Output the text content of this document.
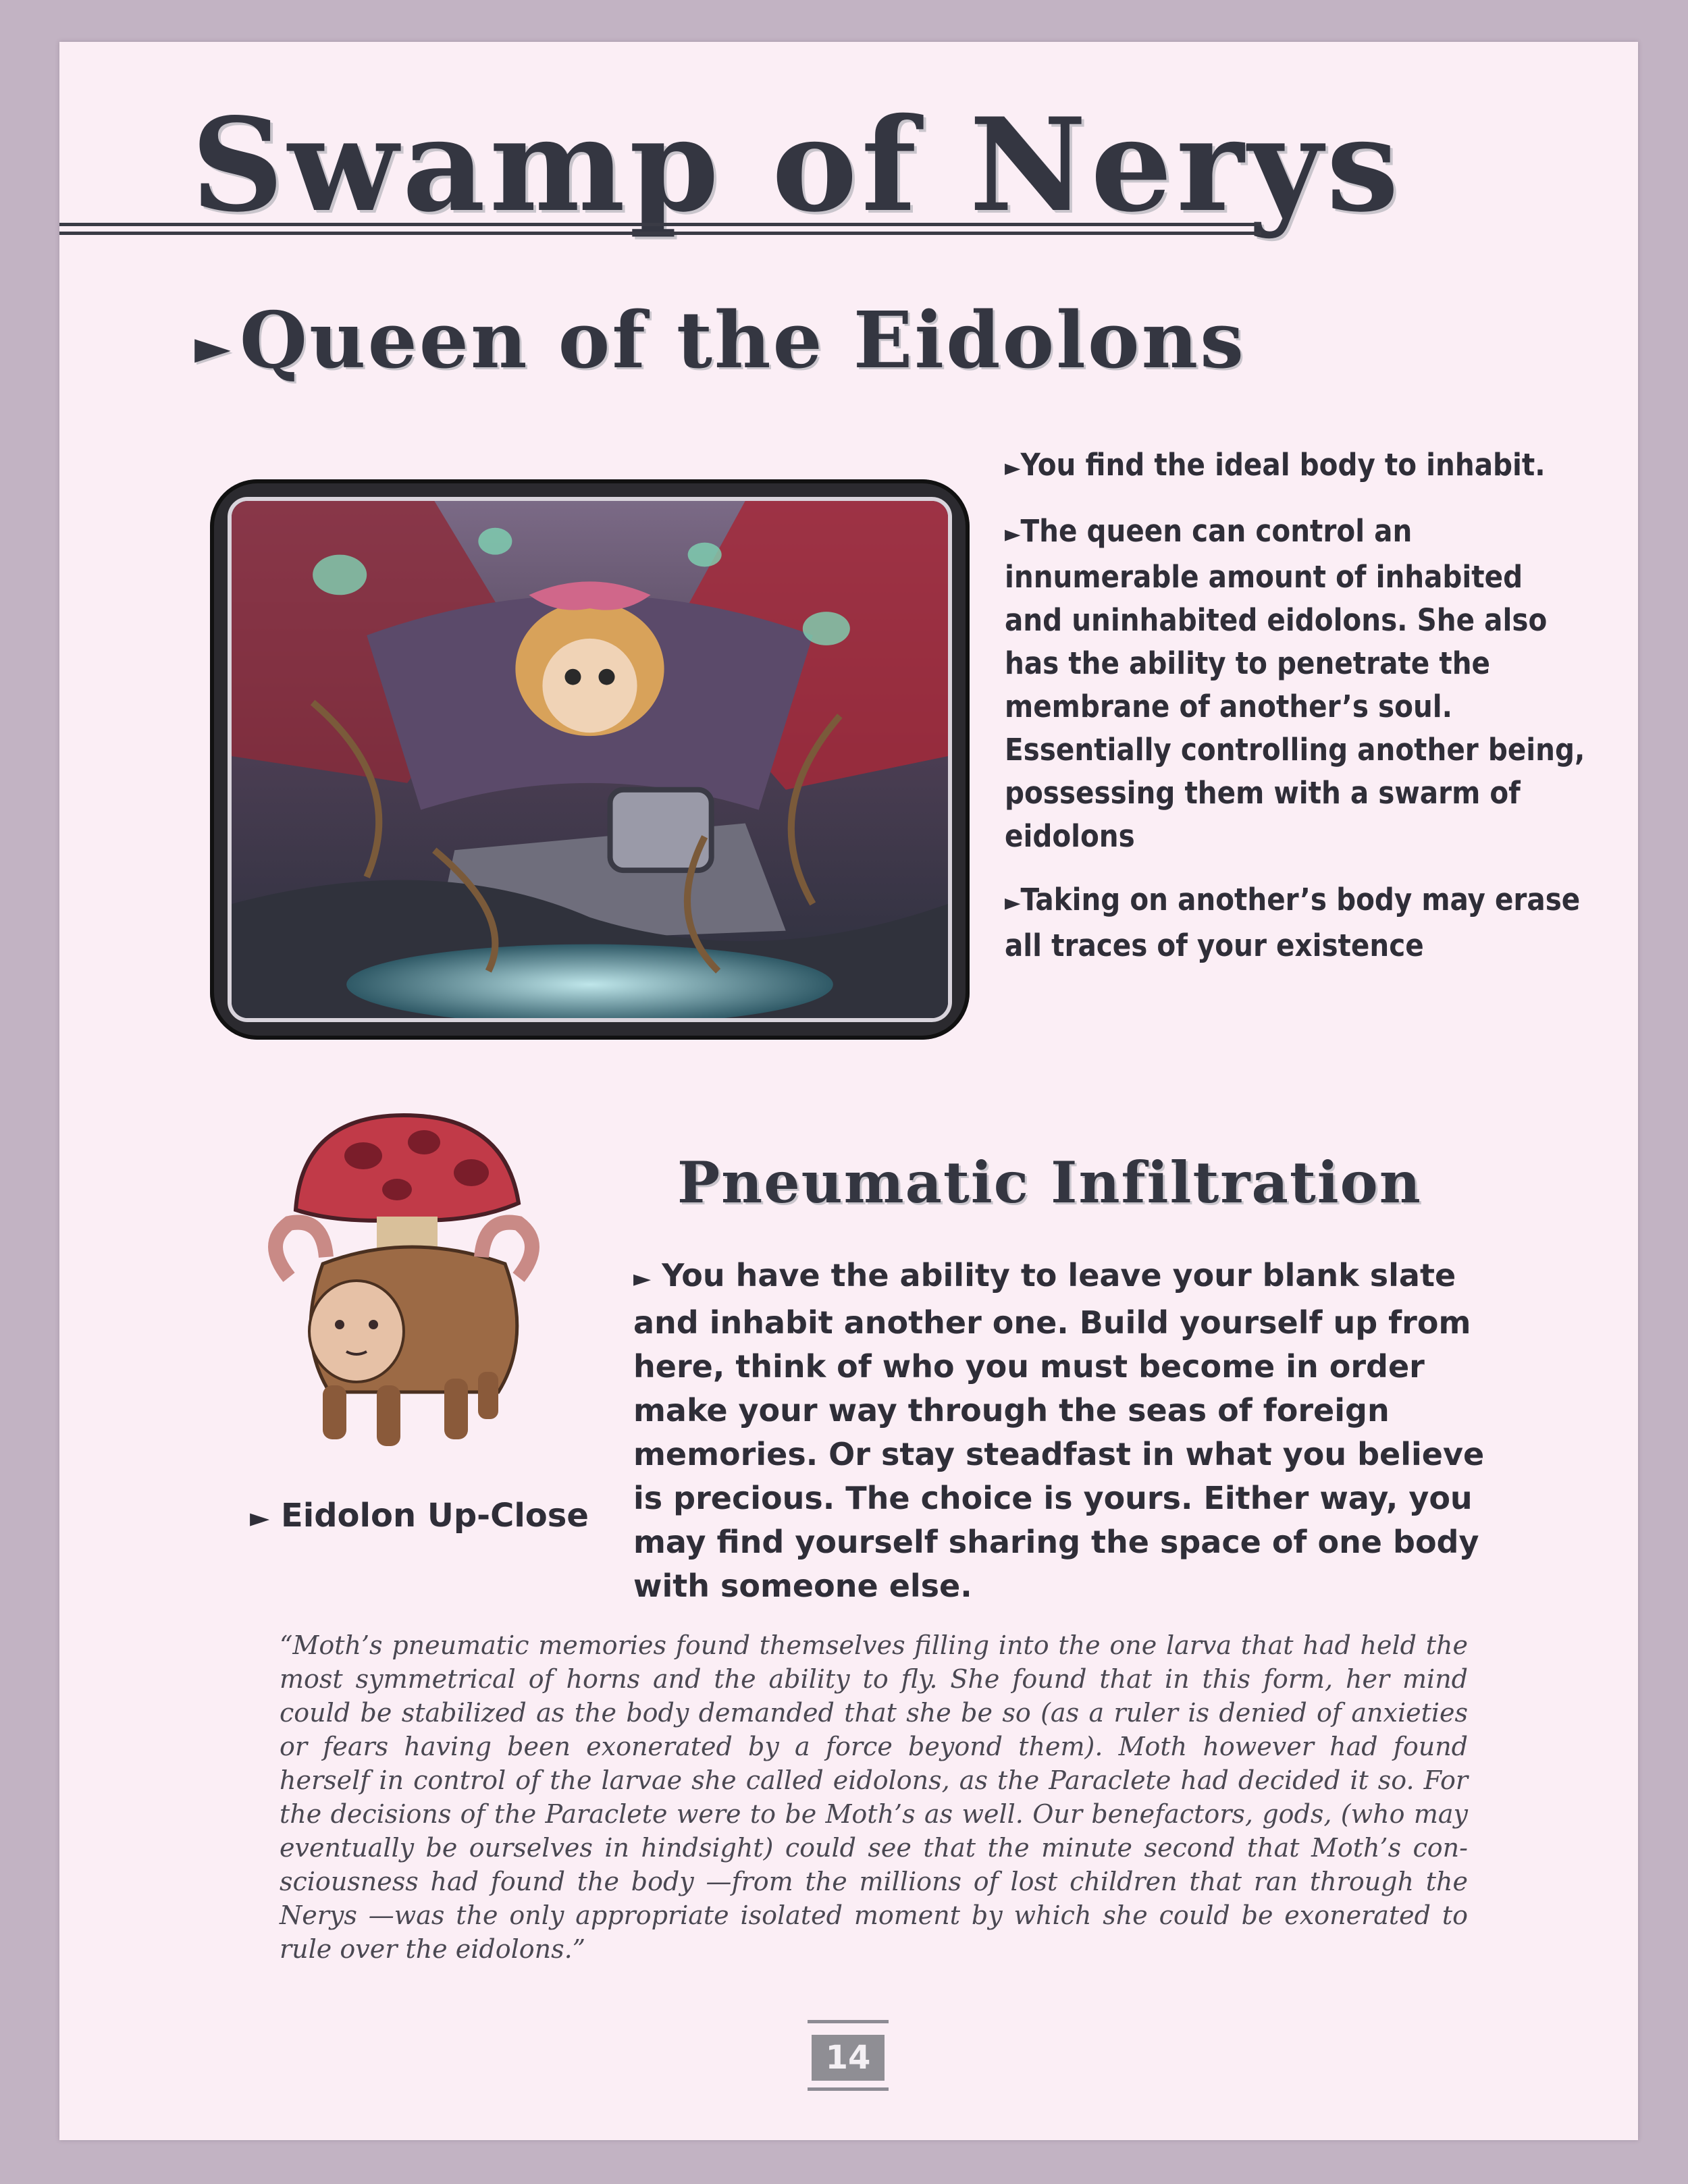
Swamp of Nerys
►Queen of the Eidolons

►You find the ideal body to inhabit.

►The queen can control an innumerable amount of inhabited and uninhabited eidolons. She also has the ability to penetrate the membrane of another’s soul. Essentially controlling another being, possessing them with a swarm of eidolons

►Taking on another’s body may erase all traces of your existence

► Eidolon Up-Close
Pneumatic Infiltration
► You have the ability to leave your blank slate and inhabit another one. Build yourself up from here, think of who you must become in order make your way through the seas of foreign memories. Or stay steadfast in what you believe is precious. The choice is yours. Either way, you may find yourself sharing the space of one body with someone else.
“Moth’s pneumatic memories found themselves filling into the one larva that had held the most symmetrical of horns and the ability to fly. She found that in this form, her mind could be stabilized as the body demanded that she be so (as a ruler is denied of anxieties or fears having been exonerated by a force beyond them). Moth however had found herself in control of the larvae she called eidolons, as the Paraclete had decided it so. For the decisions of the Paraclete were to be Moth’s as well. Our benefactors, gods, (who may eventually be ourselves in hindsight) could see that the minute second that Moth’s con-sciousness had found the body —from the millions of lost children that ran through the Nerys —was the only appropriate isolated moment by which she could be exonerated to rule over the eidolons.”
14
